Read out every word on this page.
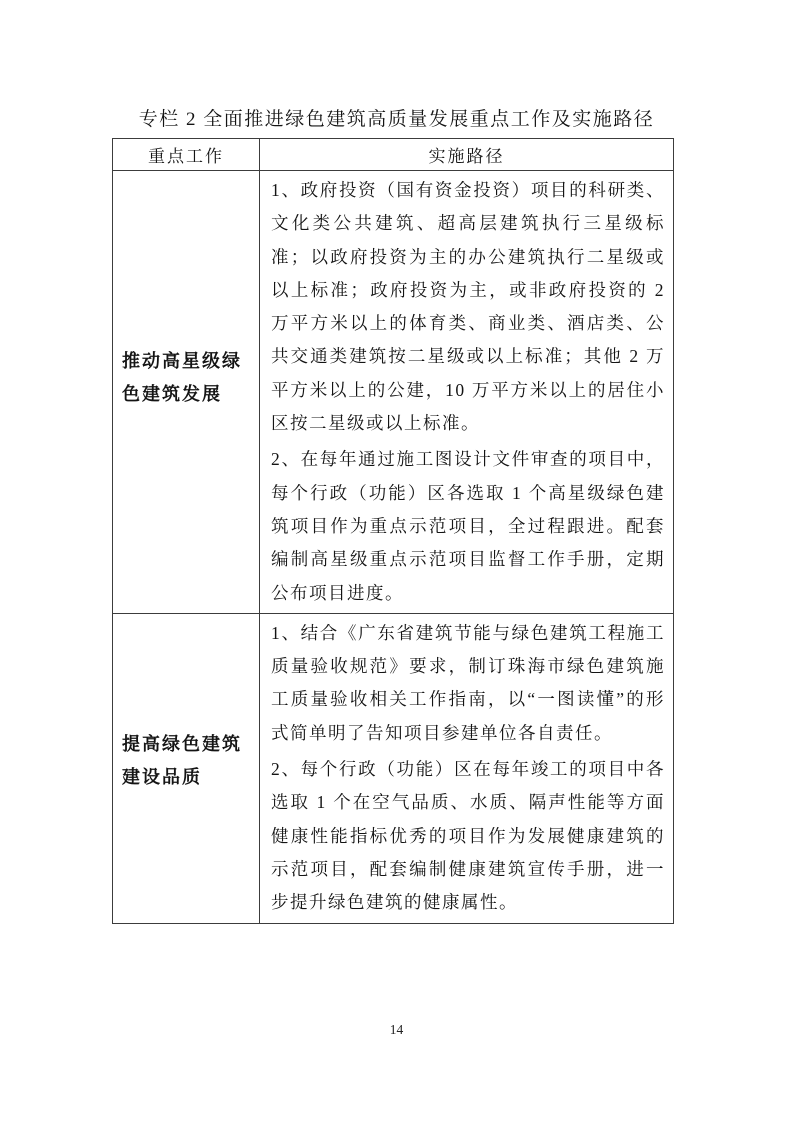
专栏 2 全面推进绿色建筑高质量发展重点工作及实施路径
重点工作	实施路径

推动高星级绿色建筑发展	1、政府投资（国有资金投资）项目的科研类、文化类公共建筑、超高层建筑执行三星级标准；以政府投资为主的办公建筑执行二星级或以上标准；政府投资为主，或非政府投资的 2 万平方米以上的体育类、商业类、酒店类、公共交通类建筑按二星级或以上标准；其他 2 万平方米以上的公建，10 万平方米以上的居住小区按二星级或以上标准。

2、在每年通过施工图设计文件审查的项目中，每个行政（功能）区各选取 1 个高星级绿色建筑项目作为重点示范项目，全过程跟进。配套编制高星级重点示范项目监督工作手册，定期公布项目进度。

提高绿色建筑建设品质	1、结合《广东省建筑节能与绿色建筑工程施工质量验收规范》要求，制订珠海市绿色建筑施工质量验收相关工作指南，以“一图读懂”的形式简单明了告知项目参建单位各自责任。

2、每个行政（功能）区在每年竣工的项目中各选取 1 个在空气品质、水质、隔声性能等方面健康性能指标优秀的项目作为发展健康建筑的示范项目，配套编制健康建筑宣传手册，进一步提升绿色建筑的健康属性。

14
